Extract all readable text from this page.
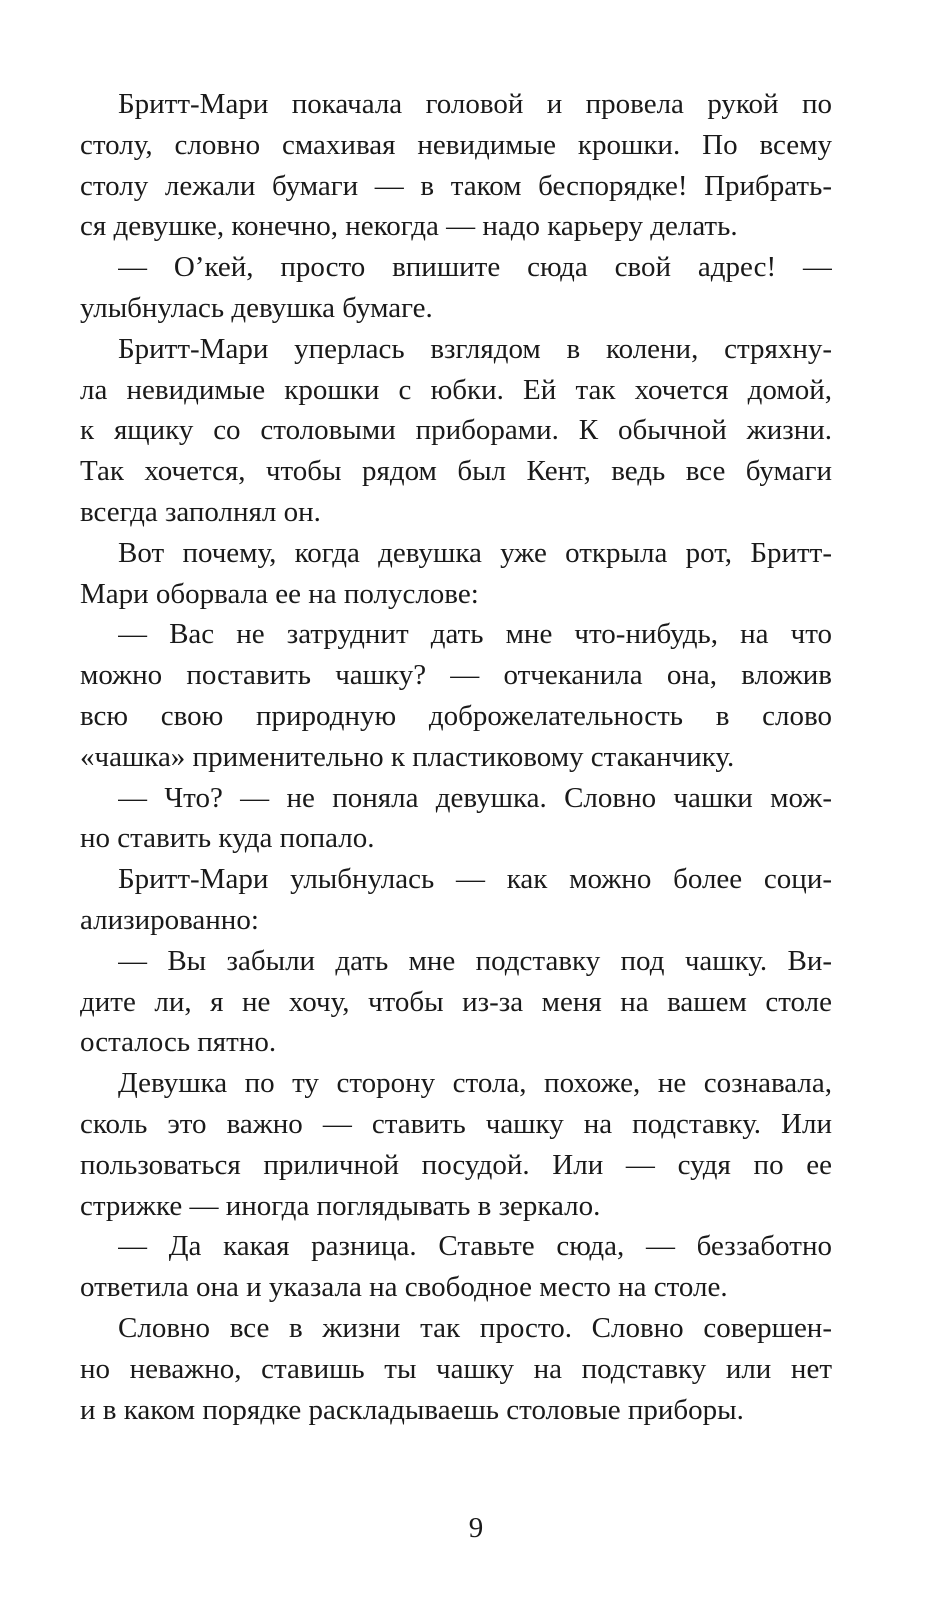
Бритт-Мари покачала головой и провела рукой по
столу, словно смахивая невидимые крошки. По всему
столу лежали бумаги — в таком беспорядке! Прибрать-
ся девушке, конечно, некогда — надо карьеру делать.
— О’кей, просто впишите сюда свой адрес! —
улыбнулась девушка бумаге.
Бритт-Мари уперлась взглядом в колени, стряхну-
ла невидимые крошки с юбки. Ей так хочется домой,
к ящику со столовыми приборами. К обычной жизни.
Так хочется, чтобы рядом был Кент, ведь все бумаги
всегда заполнял он.
Вот почему, когда девушка уже открыла рот, Бритт-
Мари оборвала ее на полуслове:
— Вас не затруднит дать мне что-нибудь, на что
можно поставить чашку? — отчеканила она, вложив
всю свою природную доброжелательность в слово
«чашка» применительно к пластиковому стаканчику.
— Что? — не поняла девушка. Словно чашки мож-
но ставить куда попало.
Бритт-Мари улыбнулась — как можно более соци-
ализированно:
— Вы забыли дать мне подставку под чашку. Ви-
дите ли, я не хочу, чтобы из-за меня на вашем столе
осталось пятно.
Девушка по ту сторону стола, похоже, не сознавала,
сколь это важно — ставить чашку на подставку. Или
пользоваться приличной посудой. Или — судя по ее
стрижке — иногда поглядывать в зеркало.
— Да какая разница. Ставьте сюда, — беззаботно
ответила она и указала на свободное место на столе.
Словно все в жизни так просто. Словно совершен-
но неважно, ставишь ты чашку на подставку или нет
и в каком порядке раскладываешь столовые приборы.
9
